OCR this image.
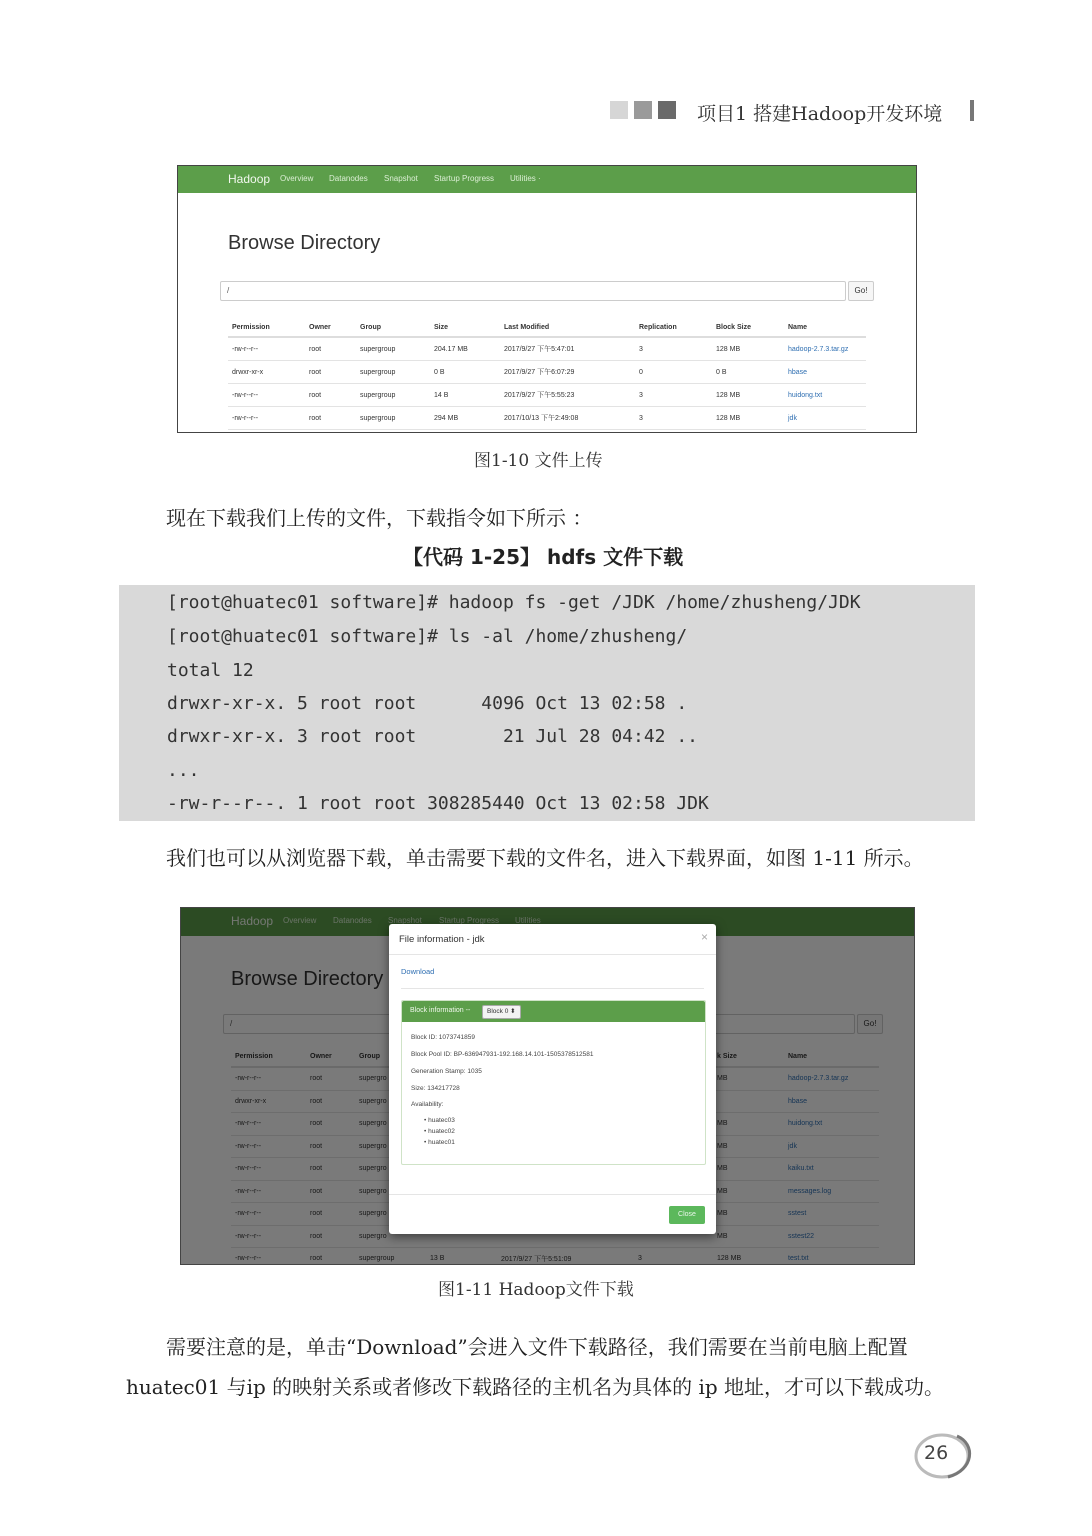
项目1 搭建Hadoop开发环境
Hadoop Overview Datanodes Snapshot Startup Progress Utilities ·
Browse Directory
/	Go!
Permission	Owner	Group	Size	Last Modified	Replication	Block Size	Name
-rw-r--r--	root	supergroup	204.17 MB	2017/9/27 下午5:47:01	3	128 MB	hadoop-2.7.3.tar.gz
drwxr-xr-x	root	supergroup	0 B	2017/9/27 下午6:07:29	0	0 B	hbase
-rw-r--r--	root	supergroup	14 B	2017/9/27 下午5:55:23	3	128 MB	huidong.txt
-rw-r--r--	root	supergroup	294 MB	2017/10/13 下午2:49:08	3	128 MB	jdk
图1-10 文件上传
现在下载我们上传的文件，下载指令如下所示 ：
【代码 1-25】 hdfs 文件下载
[root@huatec01 software]# hadoop fs -get /JDK /home/zhusheng/JDK
[root@huatec01 software]# ls -al /home/zhusheng/
total 12
drwxr-xr-x. 5 root root      4096 Oct 13 02:58 .
drwxr-xr-x. 3 root root        21 Jul 28 04:42 ..
...
-rw-r--r--. 1 root root 308285440 Oct 13 02:58 JDK
我们也可以从浏览器下载，单击需要下载的文件名，进入下载界面，如图 1-11 所示。

File information - jdk	×
Download
Block information --	Block 0 ⬍
Block ID: 1073741859
Block Pool ID: BP-636947931-192.168.14.101-1505378512581
Generation Stamp: 1035
Size: 134217728
Availability:
• huatec03
• huatec02
• huatec01
Close
图1-11 Hadoop文件下载
需要注意的是，单击“Download”会进入文件下载路径，我们需要在当前电脑上配置
huatec01 与ip 的映射关系或者修改下载路径的主机名为具体的 ip 地址，才可以下载成功。
26
